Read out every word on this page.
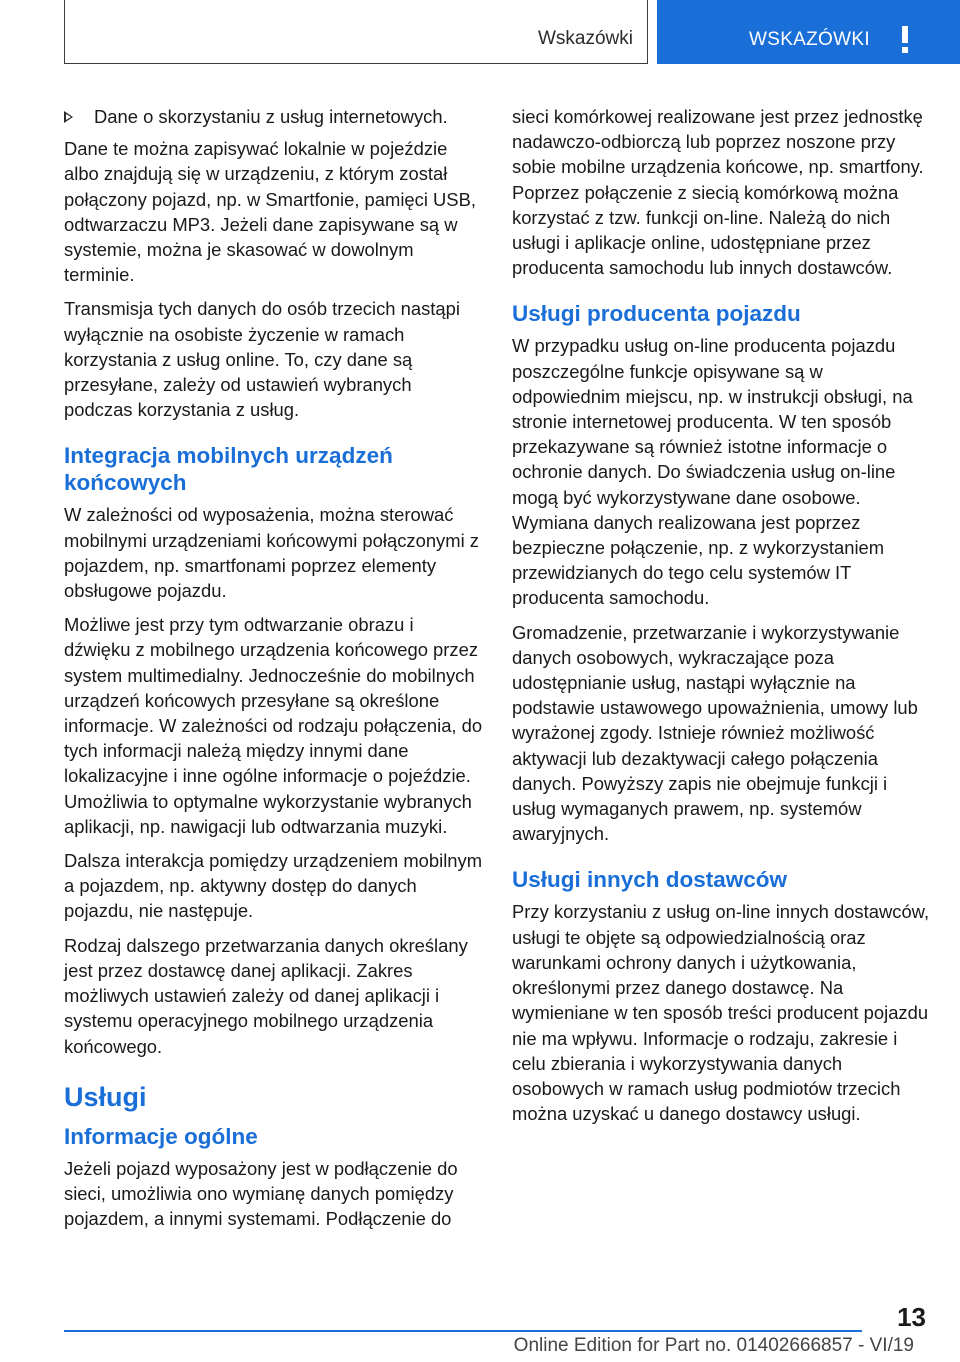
Wskazówki	WSKAZÓWKI
Dane o skorzystaniu z usług internetowych.

Dane te można zapisywać lokalnie w pojeździe albo znajdują się w urządzeniu, z którym został połączony pojazd, np. w Smartfonie, pamięci USB, odtwarzaczu MP3. Jeżeli dane zapisywane są w systemie, można je skasować w dowolnym terminie.

Transmisja tych danych do osób trzecich nastąpi wyłącznie na osobiste życzenie w ramach korzystania z usług online. To, czy dane są przesyłane, zależy od ustawień wybranych podczas korzystania z usług.

Integracja mobilnych urządzeń końcowych

W zależności od wyposażenia, można sterować mobilnymi urządzeniami końcowymi połączonymi z pojazdem, np. smartfonami poprzez elementy obsługowe pojazdu.

Możliwe jest przy tym odtwarzanie obrazu i dźwięku z mobilnego urządzenia końcowego przez system multimedialny. Jednocześnie do mobilnych urządzeń końcowych przesyłane są określone informacje. W zależności od rodzaju połączenia, do tych informacji należą między innymi dane lokalizacyjne i inne ogólne informacje o pojeździe. Umożliwia to optymalne wykorzystanie wybranych aplikacji, np. nawigacji lub odtwarzania muzyki.

Dalsza interakcja pomiędzy urządzeniem mobilnym a pojazdem, np. aktywny dostęp do danych pojazdu, nie następuje.

Rodzaj dalszego przetwarzania danych określany jest przez dostawcę danej aplikacji. Zakres możliwych ustawień zależy od danej aplikacji i systemu operacyjnego mobilnego urządzenia końcowego.

Usługi
Informacje ogólne

Jeżeli pojazd wyposażony jest w podłączenie do sieci, umożliwia ono wymianę danych pomiędzy pojazdem, a innymi systemami. Podłączenie do

sieci komórkowej realizowane jest przez jednostkę nadawczo-odbiorczą lub poprzez noszone przy sobie mobilne urządzenia końcowe, np. smartfony. Poprzez połączenie z siecią komórkową można korzystać z tzw. funkcji on-line. Należą do nich usługi i aplikacje online, udostępniane przez producenta samochodu lub innych dostawców.

Usługi producenta pojazdu

W przypadku usług on-line producenta pojazdu poszczególne funkcje opisywane są w odpowiednim miejscu, np. w instrukcji obsługi, na stronie internetowej producenta. W ten sposób przekazywane są również istotne informacje o ochronie danych. Do świadczenia usług on-line mogą być wykorzystywane dane osobowe. Wymiana danych realizowana jest poprzez bezpieczne połączenie, np. z wykorzystaniem przewidzianych do tego celu systemów IT producenta samochodu.

Gromadzenie, przetwarzanie i wykorzystywanie danych osobowych, wykraczające poza udostępnianie usług, nastąpi wyłącznie na podstawie ustawowego upoważnienia, umowy lub wyrażonej zgody. Istnieje również możliwość aktywacji lub dezaktywacji całego połączenia danych. Powyższy zapis nie obejmuje funkcji i usług wymaganych prawem, np. systemów awaryjnych.

Usługi innych dostawców

Przy korzystaniu z usług on-line innych dostawców, usługi te objęte są odpowiedzialnością oraz warunkami ochrony danych i użytkowania, określonymi przez danego dostawcę. Na wymieniane w ten sposób treści producent pojazdu nie ma wpływu. Informacje o rodzaju, zakresie i celu zbierania i wykorzystywania danych osobowych w ramach usług podmiotów trzecich można uzyskać u danego dostawcy usługi.

13
Online Edition for Part no. 01402666857 - VI/19
